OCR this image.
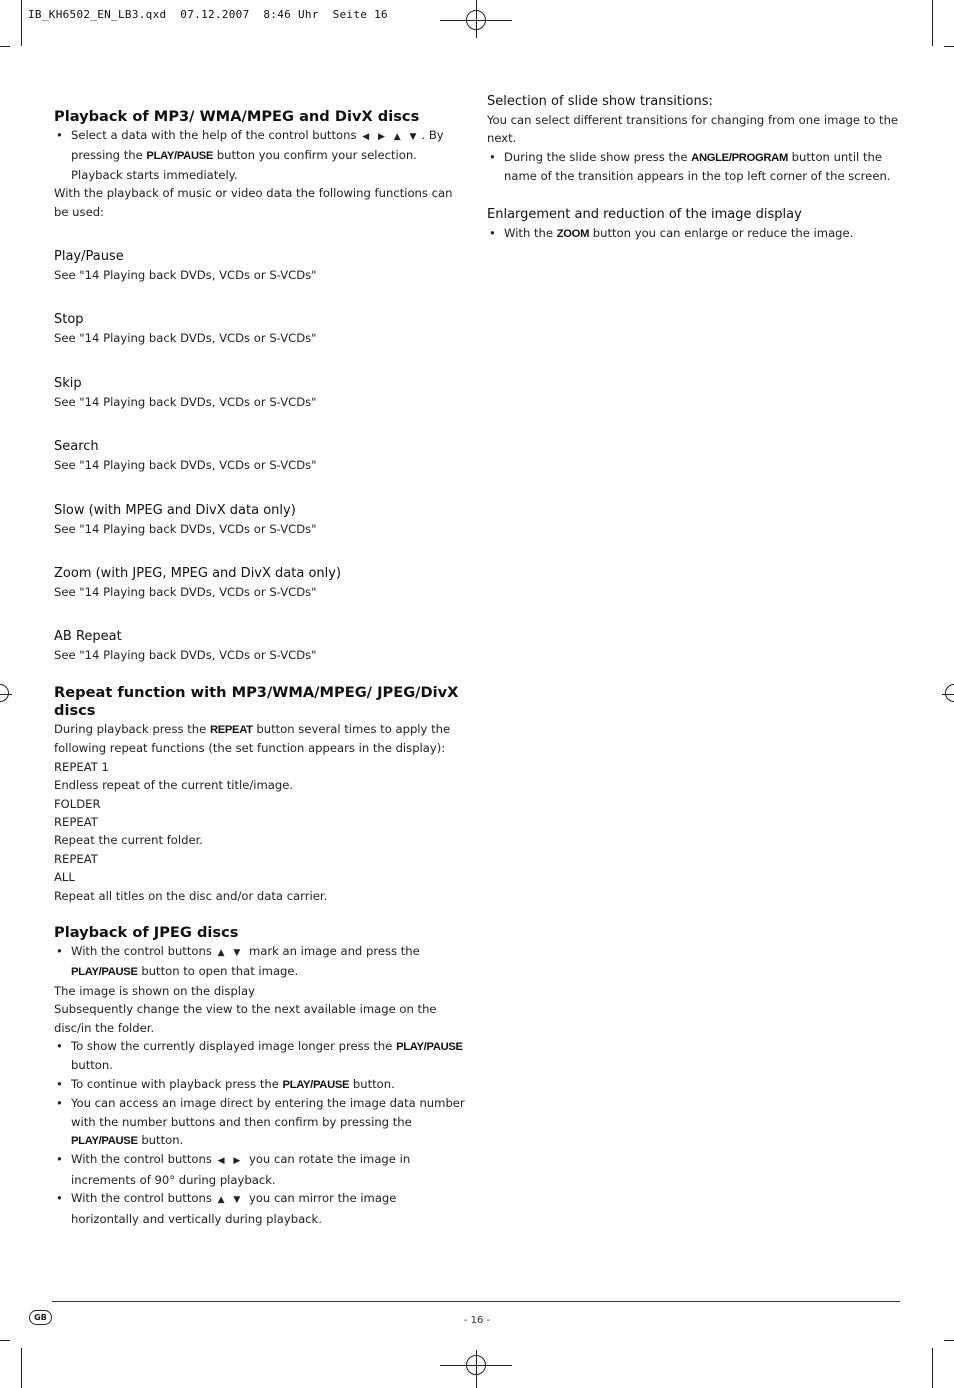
IB_KH6502_EN_LB3.qxd  07.12.2007  8:46 Uhr  Seite 16
Playback of MP3/ WMA/MPEG and DivX discs
• Select a data with the help of the control buttons ◀ ▶ ▲ ▼ . By pressing the PLAY/PAUSE button you confirm your selection. Playback starts immediately.

With the playback of music or video data the following functions can be used:

Play/Pause

See "14 Playing back DVDs, VCDs or S-VCDs"

Stop

See "14 Playing back DVDs, VCDs or S-VCDs"

Skip

See "14 Playing back DVDs, VCDs or S-VCDs"

Search

See "14 Playing back DVDs, VCDs or S-VCDs"

Slow (with MPEG and DivX data only)

See "14 Playing back DVDs, VCDs or S-VCDs"

Zoom (with JPEG, MPEG and DivX data only)

See "14 Playing back DVDs, VCDs or S-VCDs"

AB Repeat

See "14 Playing back DVDs, VCDs or S-VCDs"

Repeat function with MP3/WMA/MPEG/ JPEG/DivX discs

During playback press the REPEAT button several times to apply the following repeat functions (the set function appears in the display):

REPEAT 1

Endless repeat of the current title/image.

FOLDER

REPEAT

Repeat the current folder.

REPEAT

ALL

Repeat all titles on the disc and/or data carrier.

Playback of JPEG discs
• With the control buttons ▲ ▼ mark an image and press the PLAY/PAUSE button to open that image.

The image is shown on the display

Subsequently change the view to the next available image on the disc/in the folder.

• To show the currently displayed image longer press the PLAY/PAUSE button.
• To continue with playback press the PLAY/PAUSE button.
• You can access an image direct by entering the image data number with the number buttons and then confirm by pressing the PLAY/PAUSE button.
• With the control buttons ◀ ▶ you can rotate the image in increments of 90° during playback.
• With the control buttons ▲ ▼ you can mirror the image horizontally and vertically during playback.
Selection of slide show transitions:

You can select different transitions for changing from one image to the next.

• During the slide show press the ANGLE/PROGRAM button until the name of the transition appears in the top left corner of the screen.
Enlargement and reduction of the image display
• With the ZOOM button you can enlarge or reduce the image.
GB	- 16 -
